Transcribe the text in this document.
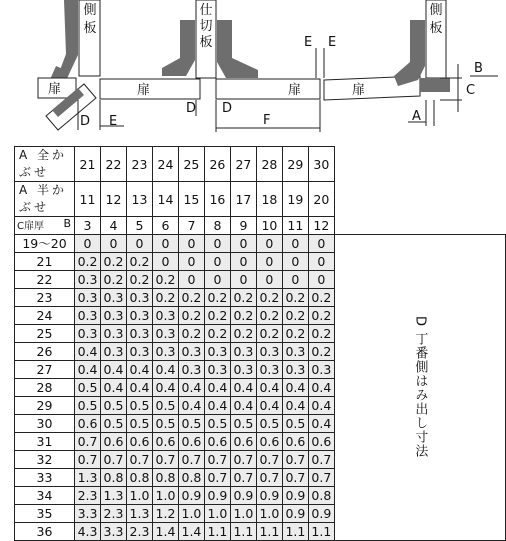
側
板
扉	扉
D E
仕
切
板
扉
D D
F
E E
扉
側
板
C
B
A
A 全かぶせ	21	22	23	24	25	26	27	28	29	30	
A 半かぶせ	11	12	13	14	15	16	17	18	19	20	

B
C扉厚	3	4	5	6	7	8	9	10	11	12	
19〜20	0	0	0	0	0	0	0	0	0	0	D 丁番側はみ出し寸法

21	0.2	0.2	0.2	0	0	0	0	0	0	0	
22	0.3	0.2	0.2	0.2	0	0	0	0	0	0	
23	0.3	0.3	0.3	0.2	0.2	0.2	0.2	0.2	0.2	0.2	
24	0.3	0.3	0.3	0.3	0.2	0.2	0.2	0.2	0.2	0.2	
25	0.3	0.3	0.3	0.3	0.2	0.2	0.2	0.2	0.2	0.2	
26	0.4	0.3	0.3	0.3	0.3	0.3	0.3	0.3	0.3	0.2	
27	0.4	0.4	0.4	0.4	0.3	0.3	0.3	0.3	0.3	0.3	
28	0.5	0.4	0.4	0.4	0.4	0.4	0.4	0.4	0.4	0.4	
29	0.5	0.5	0.5	0.5	0.4	0.4	0.4	0.4	0.4	0.4	
30	0.6	0.5	0.5	0.5	0.5	0.5	0.5	0.5	0.5	0.4	
31	0.7	0.6	0.6	0.6	0.6	0.6	0.6	0.6	0.6	0.6	
32	0.7	0.7	0.7	0.7	0.7	0.7	0.7	0.7	0.7	0.7	
33	1.3	0.8	0.8	0.8	0.8	0.7	0.7	0.7	0.7	0.7	
34	2.3	1.3	1.0	1.0	0.9	0.9	0.9	0.9	0.9	0.8	
35	3.3	2.3	1.3	1.2	1.0	1.0	1.0	1.0	0.9	0.9	
36	4.3	3.3	2.3	1.4	1.4	1.1	1.1	1.1	1.1	1.1	
